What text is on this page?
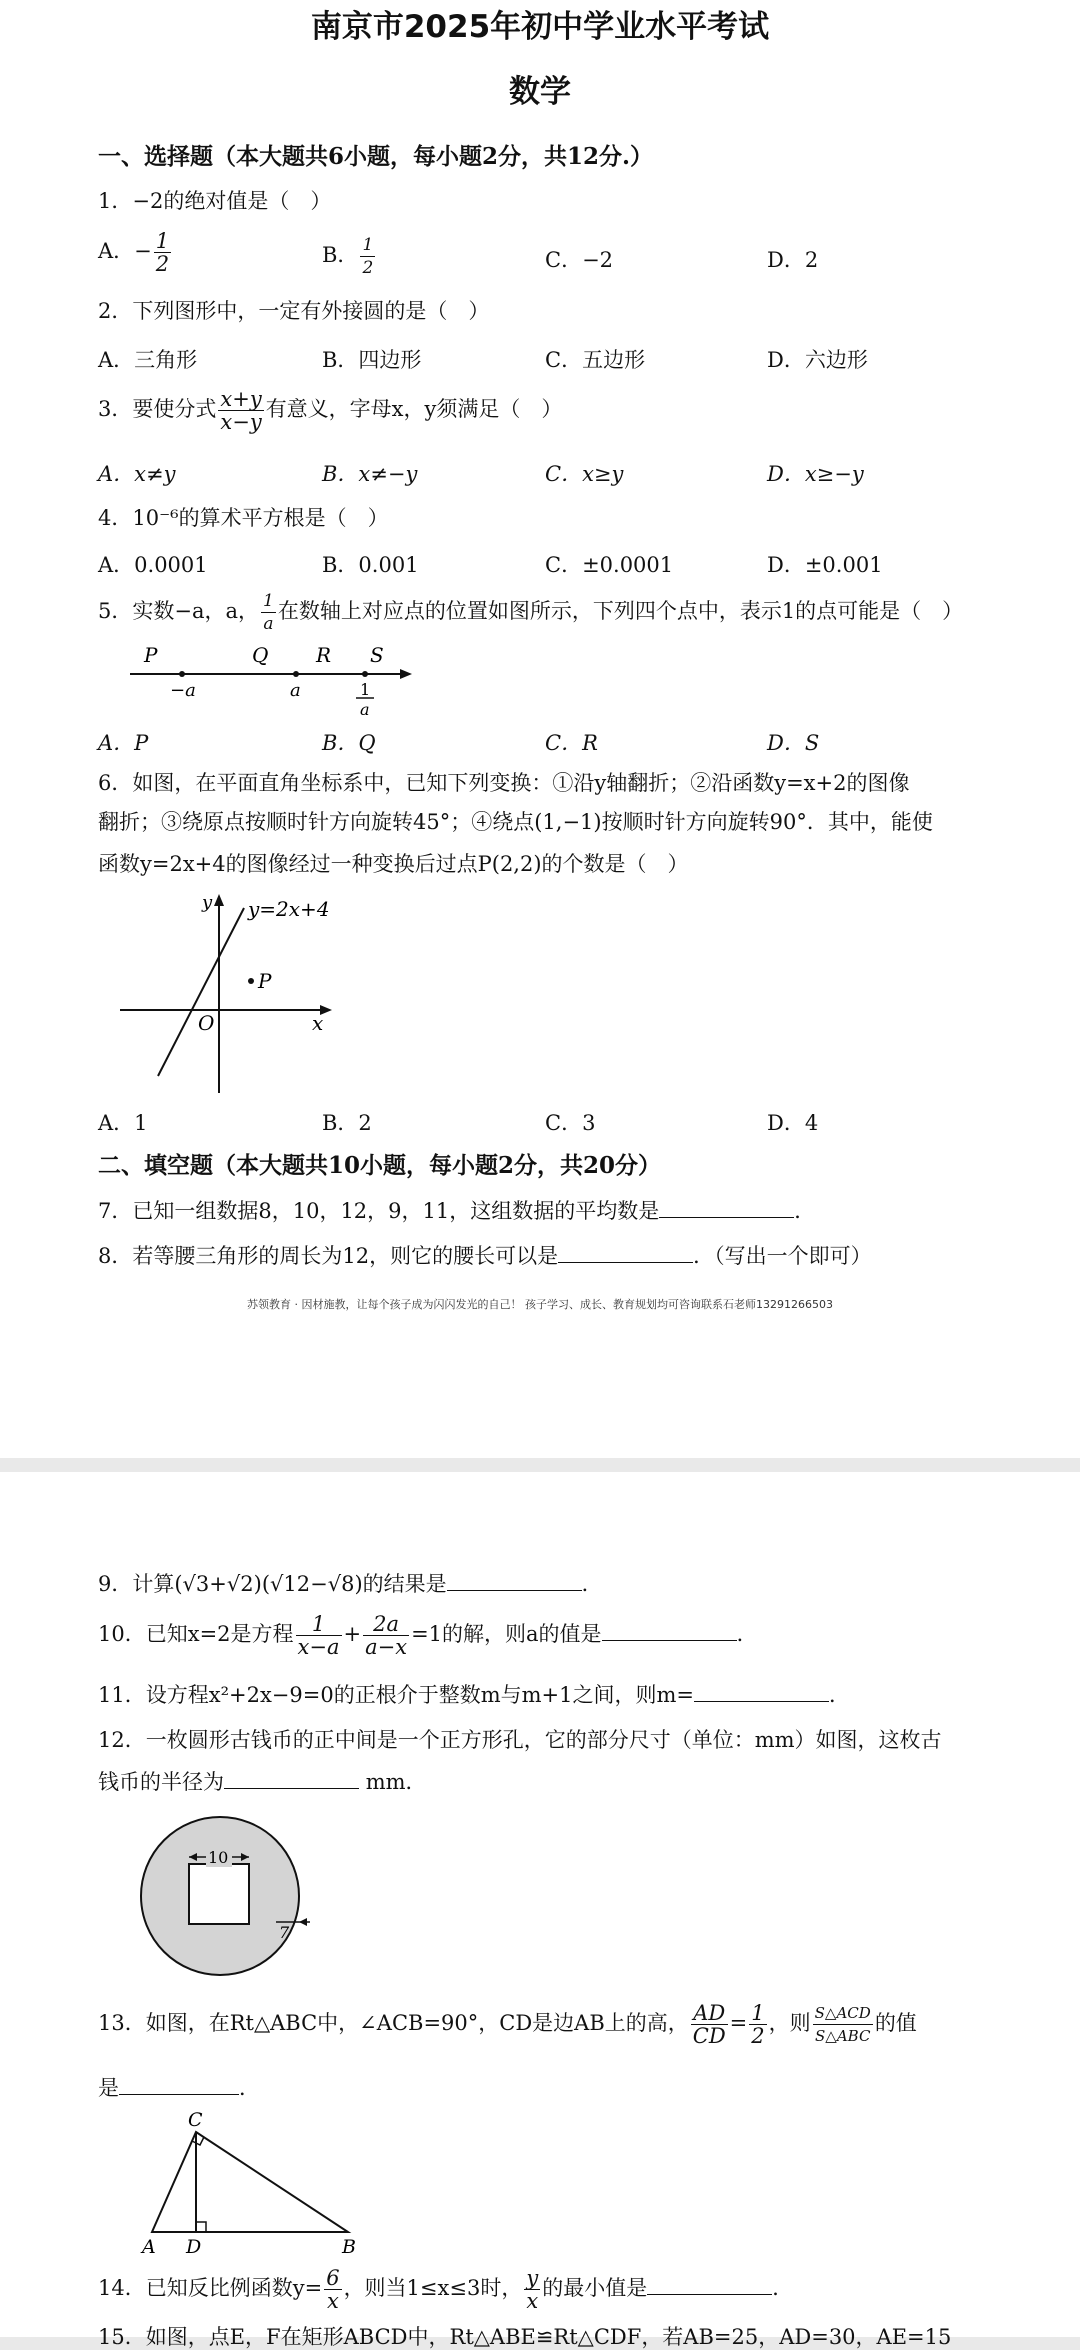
南京市2025年初中学业水平考试
数学
一、选择题（本大题共6小题，每小题2分，共12分.）
1．−2的绝对值是（　）
A．− $\frac{1}{2}$	B． $\frac{1}{2}$	C．−2	D．2
2．下列图形中，一定有外接圆的是（　）
A．三角形	B．四边形	C．五边形	D．六边形
3．要使分式 $\frac{x+y}{x-y}$ 有意义，字母x，y须满足（　）
A．x≠y	B．x≠−y	C．x≥y	D．x≥−y
4．10⁻⁶的算术平方根是（　）
A．0.0001	B．0.001	C．±0.0001	D．±0.001
5．实数−a，a， $\frac{1}{a}$ 在数轴上对应点的位置如图所示，下列四个点中，表示1的点可能是（　）
P	Q R S
−a	a	1
a
A．P	B．Q	C．R	D．S
6．如图，在平面直角坐标系中，已知下列变换：①沿y轴翻折；②沿函数y=x+2的图像
翻折；③绕原点按顺时针方向旋转45°；④绕点(1,−1)按顺时针方向旋转90°．其中，能使
函数y=2x+4的图像经过一种变换后过点P(2,2)的个数是（　）
y y=2x+4
P
O	x
A．1	B．2	C．3	D．4
二、填空题（本大题共10小题，每小题2分，共20分）
7．已知一组数据8，10，12，9，11，这组数据的平均数是	．
8．若等腰三角形的周长为12，则它的腰长可以是	．（写出一个即可）
苏领教育 · 因材施教，让每个孩子成为闪闪发光的自己！ 孩子学习、成长、教育规划均可咨询联系石老师13291266503
9．计算(√3+√2)(√12−√8)的结果是	．
10．已知x=2是方程 $\frac{1}{x-a} + \frac{2a}{a-x} =1$的解，则a的值是	．
11．设方程x²+2x−9=0的正根介于整数m与m+1之间，则m=	．
12．一枚圆形古钱币的正中间是一个正方形孔，它的部分尺寸（单位：mm）如图，这枚古
钱币的半径为	mm．
10
7
13．如图，在Rt△ABC中，∠ACB=90°，CD是边AB上的高， $\frac{AD}{CD} = \frac{1}{2}$ ，则 $\frac{\text{S△ACD}}{\text{S△ABC}}$ 的值
是	．
C
A D	B
14．已知反比例函数$y= \frac{6}{x}$ ，则当1≤x≤3时， $\frac{y}{x}$ 的最小值是	．
15．如图，点E，F在矩形ABCD中，Rt△ABE≌Rt△CDF，若AB=25，AD=30，AE=15
